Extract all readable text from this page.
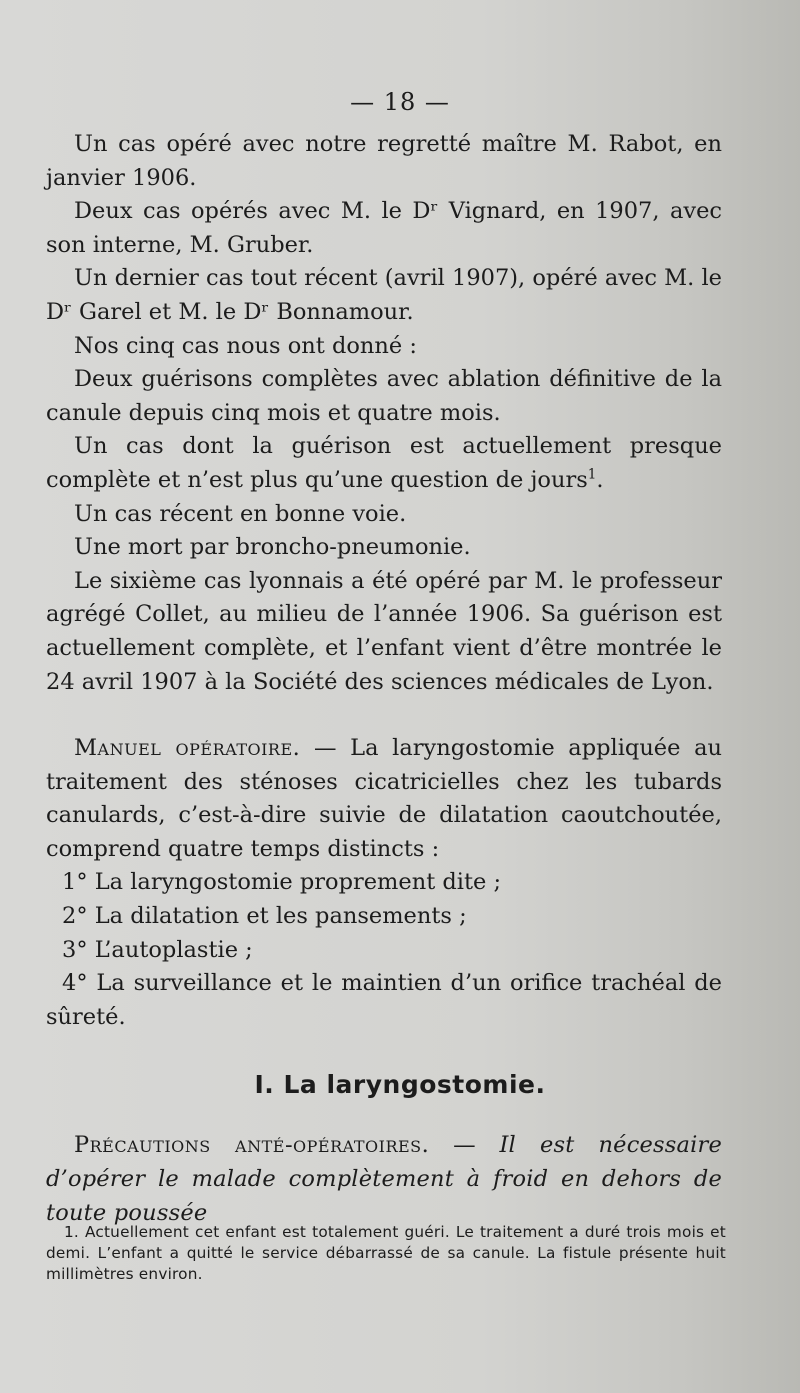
— 18 —

Un cas opéré avec notre regretté maître M. Rabot, en janvier 1906.

Deux cas opérés avec M. le Dʳ Vignard, en 1907, avec son interne, M. Gruber.

Un dernier cas tout récent (avril 1907), opéré avec M. le Dʳ Garel et M. le Dʳ Bonnamour.

Nos cinq cas nous ont donné :

Deux guérisons complètes avec ablation définitive de la canule depuis cinq mois et quatre mois.

Un cas dont la guérison est actuellement presque complète et n’est plus qu’une question de jours$^1$.

Un cas récent en bonne voie.

Une mort par broncho-pneumonie.

Le sixième cas lyonnais a été opéré par M. le professeur agrégé Collet, au milieu de l’année 1906. Sa guérison est actuellement complète, et l’enfant vient d’être montrée le 24 avril 1907 à la Société des sciences médicales de Lyon.

Manuel opératoire. — La laryngostomie appliquée au traitement des sténoses cicatricielles chez les tubards canulards, c’est-à-dire suivie de dilatation caoutchoutée, comprend quatre temps distincts :

1° La laryngostomie proprement dite ;

2° La dilatation et les pansements ;

3° L’autoplastie ;

4° La surveillance et le maintien d’un orifice trachéal de sûreté.

I. La laryngostomie.

Précautions anté-opératoires. — Il est nécessaire d’opérer le malade complètement à froid en dehors de toute poussée

1. Actuellement cet enfant est totalement guéri. Le traitement a duré trois mois et demi. L’enfant a quitté le service débarrassé de sa canule. La fistule présente huit millimètres environ.
